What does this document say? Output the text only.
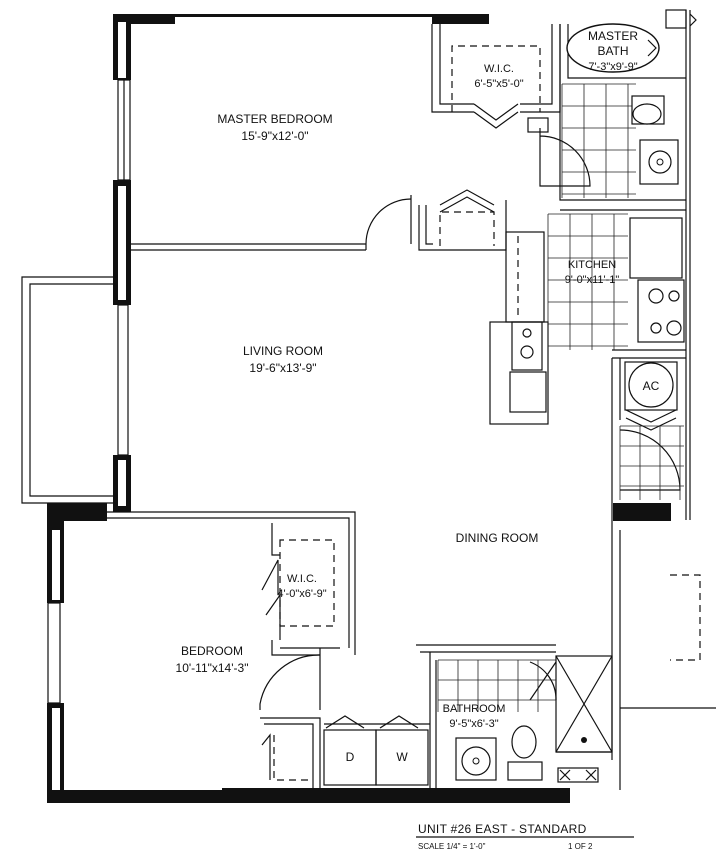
MASTER BEDROOM
15'-9"x12'-0"
W.I.C.
6'-5"x5'-0"
MASTER
BATH
7'-3"x9'-9"
KITCHEN
9'-0"x11'-1"
LIVING ROOM
19'-6"x13'-9"
AC
DINING ROOM
W.I.C.
4'-0"x6'-9"
BEDROOM
10'-11"x14'-3"
BATHROOM
9'-5"x6'-3"
D	W
UNIT #26 EAST - STANDARD
SCALE 1/4" = 1'-0"	1 OF 2
